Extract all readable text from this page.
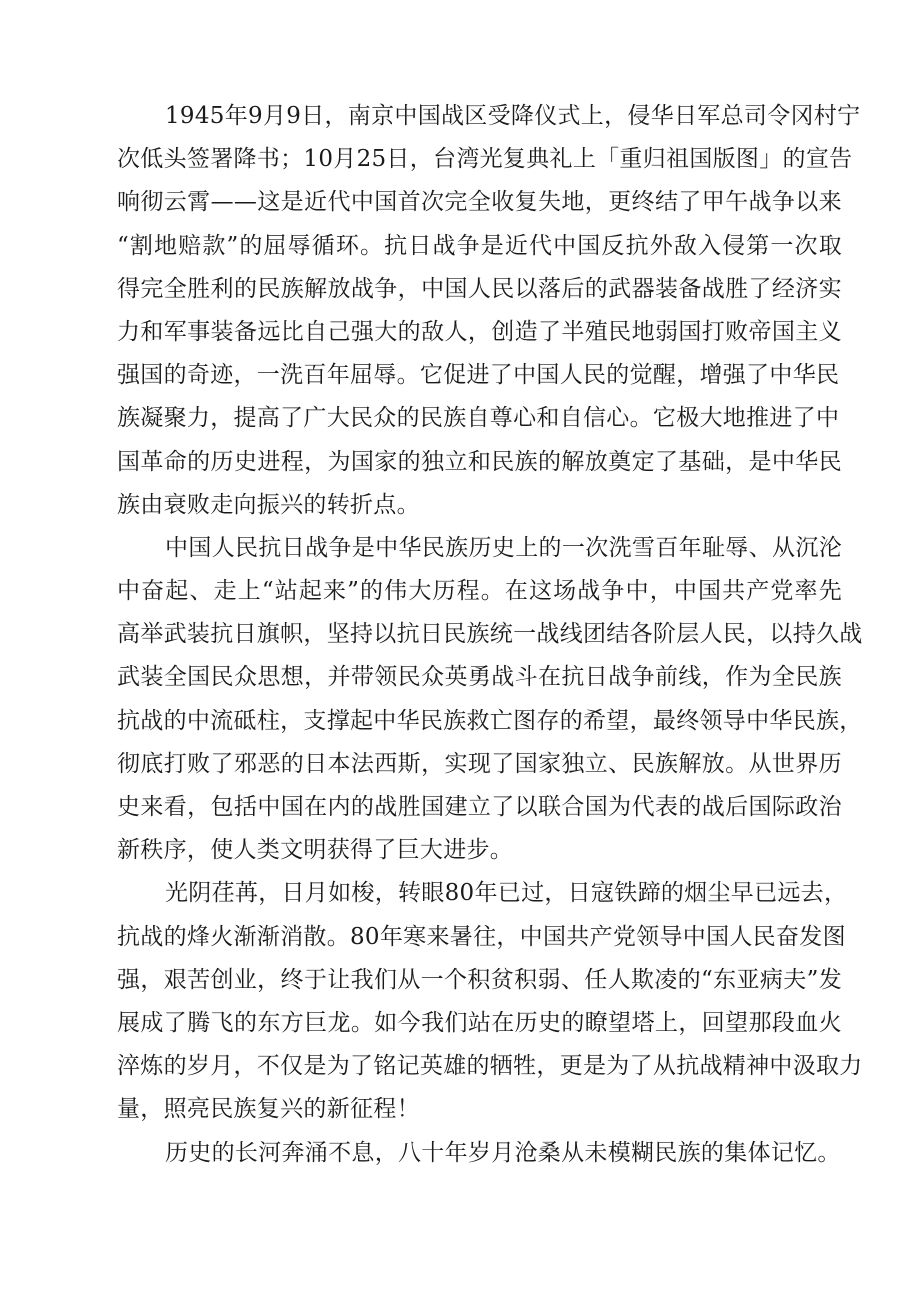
1945年9月9日，南京中国战区受降仪式上，侵华日军总司令冈村宁
次低头签署降书；10月25日，台湾光复典礼上「重归祖国版图」的宣告
响彻云霄——这是近代中国首次完全收复失地，更终结了甲午战争以来
“割地赔款”的屈辱循环。抗日战争是近代中国反抗外敌入侵第一次取
得完全胜利的民族解放战争，中国人民以落后的武器装备战胜了经济实
力和军事装备远比自己强大的敌人，创造了半殖民地弱国打败帝国主义
强国的奇迹，一洗百年屈辱。它促进了中国人民的觉醒，增强了中华民
族凝聚力，提高了广大民众的民族自尊心和自信心。它极大地推进了中
国革命的历史进程，为国家的独立和民族的解放奠定了基础，是中华民
族由衰败走向振兴的转折点。
中国人民抗日战争是中华民族历史上的一次洗雪百年耻辱、从沉沦
中奋起、走上“站起来”的伟大历程。在这场战争中，中国共产党率先
高举武装抗日旗帜，坚持以抗日民族统一战线团结各阶层人民，以持久战
武装全国民众思想，并带领民众英勇战斗在抗日战争前线，作为全民族
抗战的中流砥柱，支撑起中华民族救亡图存的希望，最终领导中华民族，
彻底打败了邪恶的日本法西斯，实现了国家独立、民族解放。从世界历
史来看，包括中国在内的战胜国建立了以联合国为代表的战后国际政治
新秩序，使人类文明获得了巨大进步。
光阴荏苒，日月如梭，转眼80年已过，日寇铁蹄的烟尘早已远去，
抗战的烽火渐渐消散。80年寒来暑往，中国共产党领导中国人民奋发图
强，艰苦创业，终于让我们从一个积贫积弱、任人欺凌的“东亚病夫”发
展成了腾飞的东方巨龙。如今我们站在历史的瞭望塔上，回望那段血火
淬炼的岁月，不仅是为了铭记英雄的牺牲，更是为了从抗战精神中汲取力
量，照亮民族复兴的新征程！
历史的长河奔涌不息，八十年岁月沧桑从未模糊民族的集体记忆。
